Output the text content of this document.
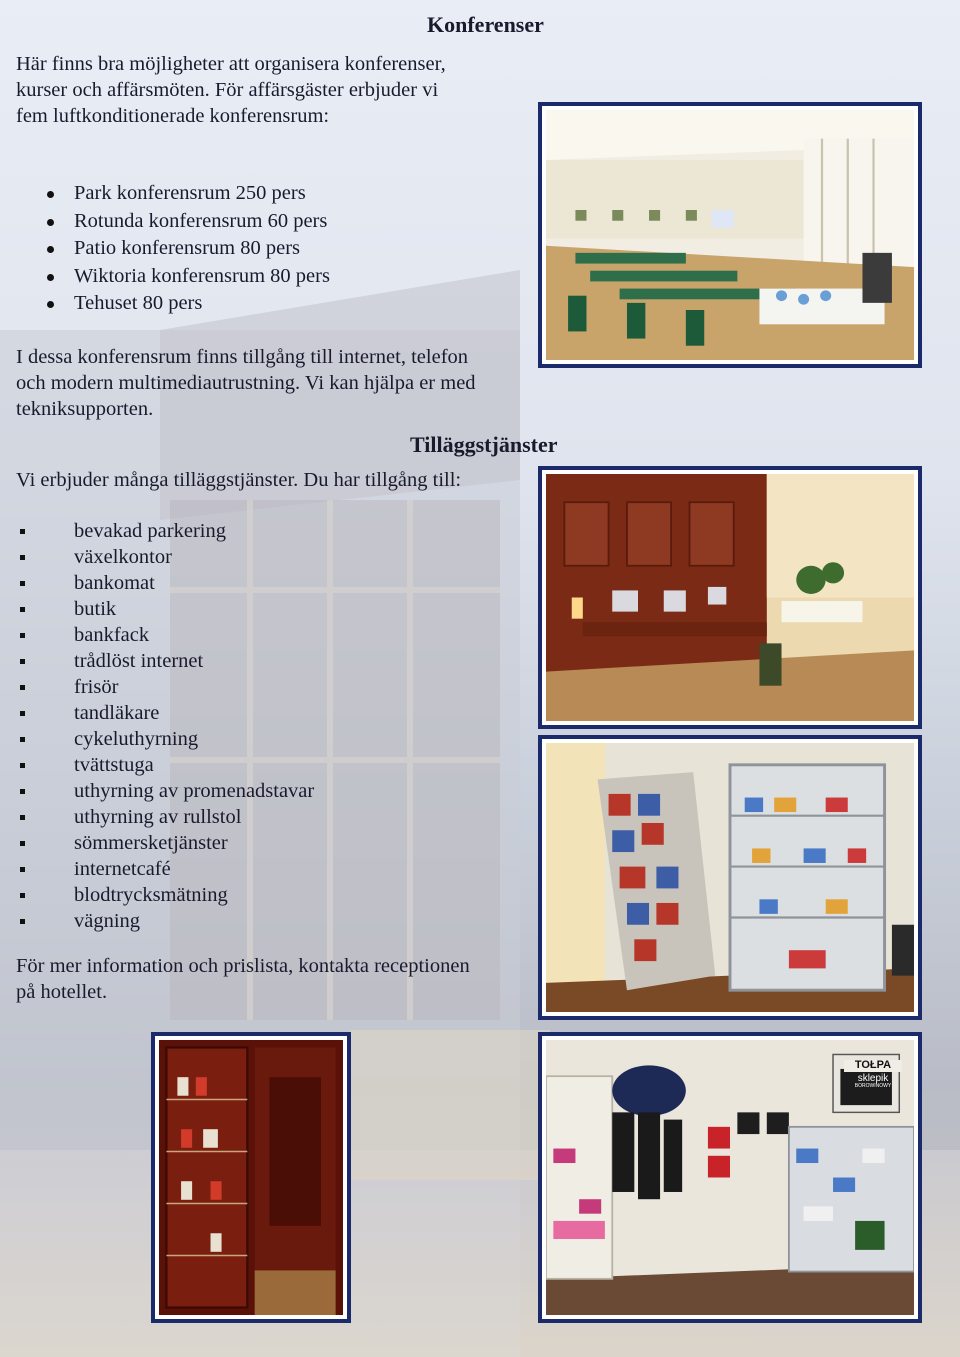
Konferenser

Här finns bra möjligheter att organisera konferenser, kurser och affärsmöten. För affärsgäster erbjuder vi fem luftkonditionerade konferensrum:

Park konferensrum 250 pers
Rotunda konferensrum 60 pers
Patio konferensrum 80 pers
Wiktoria konferensrum 80 pers
Tehuset 80 pers

I dessa konferensrum finns tillgång till internet, telefon och modern multimediautrustning. Vi kan hjälpa er med tekniksupporten.

Tilläggstjänster

Vi erbjuder många tilläggstjänster. Du har tillgång till:

bevakad parkering
växelkontor
bankomat
butik
bankfack
trådlöst internet
frisör
tandläkare
cykeluthyrning
tvättstuga
uthyrning av promenadstavar
uthyrning av rullstol
sömmersketjänster
internetcafé
blodtrycksmätning
vägning

För mer information och prislista, kontakta receptionen på hotellet.

TOŁPA
sklepik
BOROWINOWY
